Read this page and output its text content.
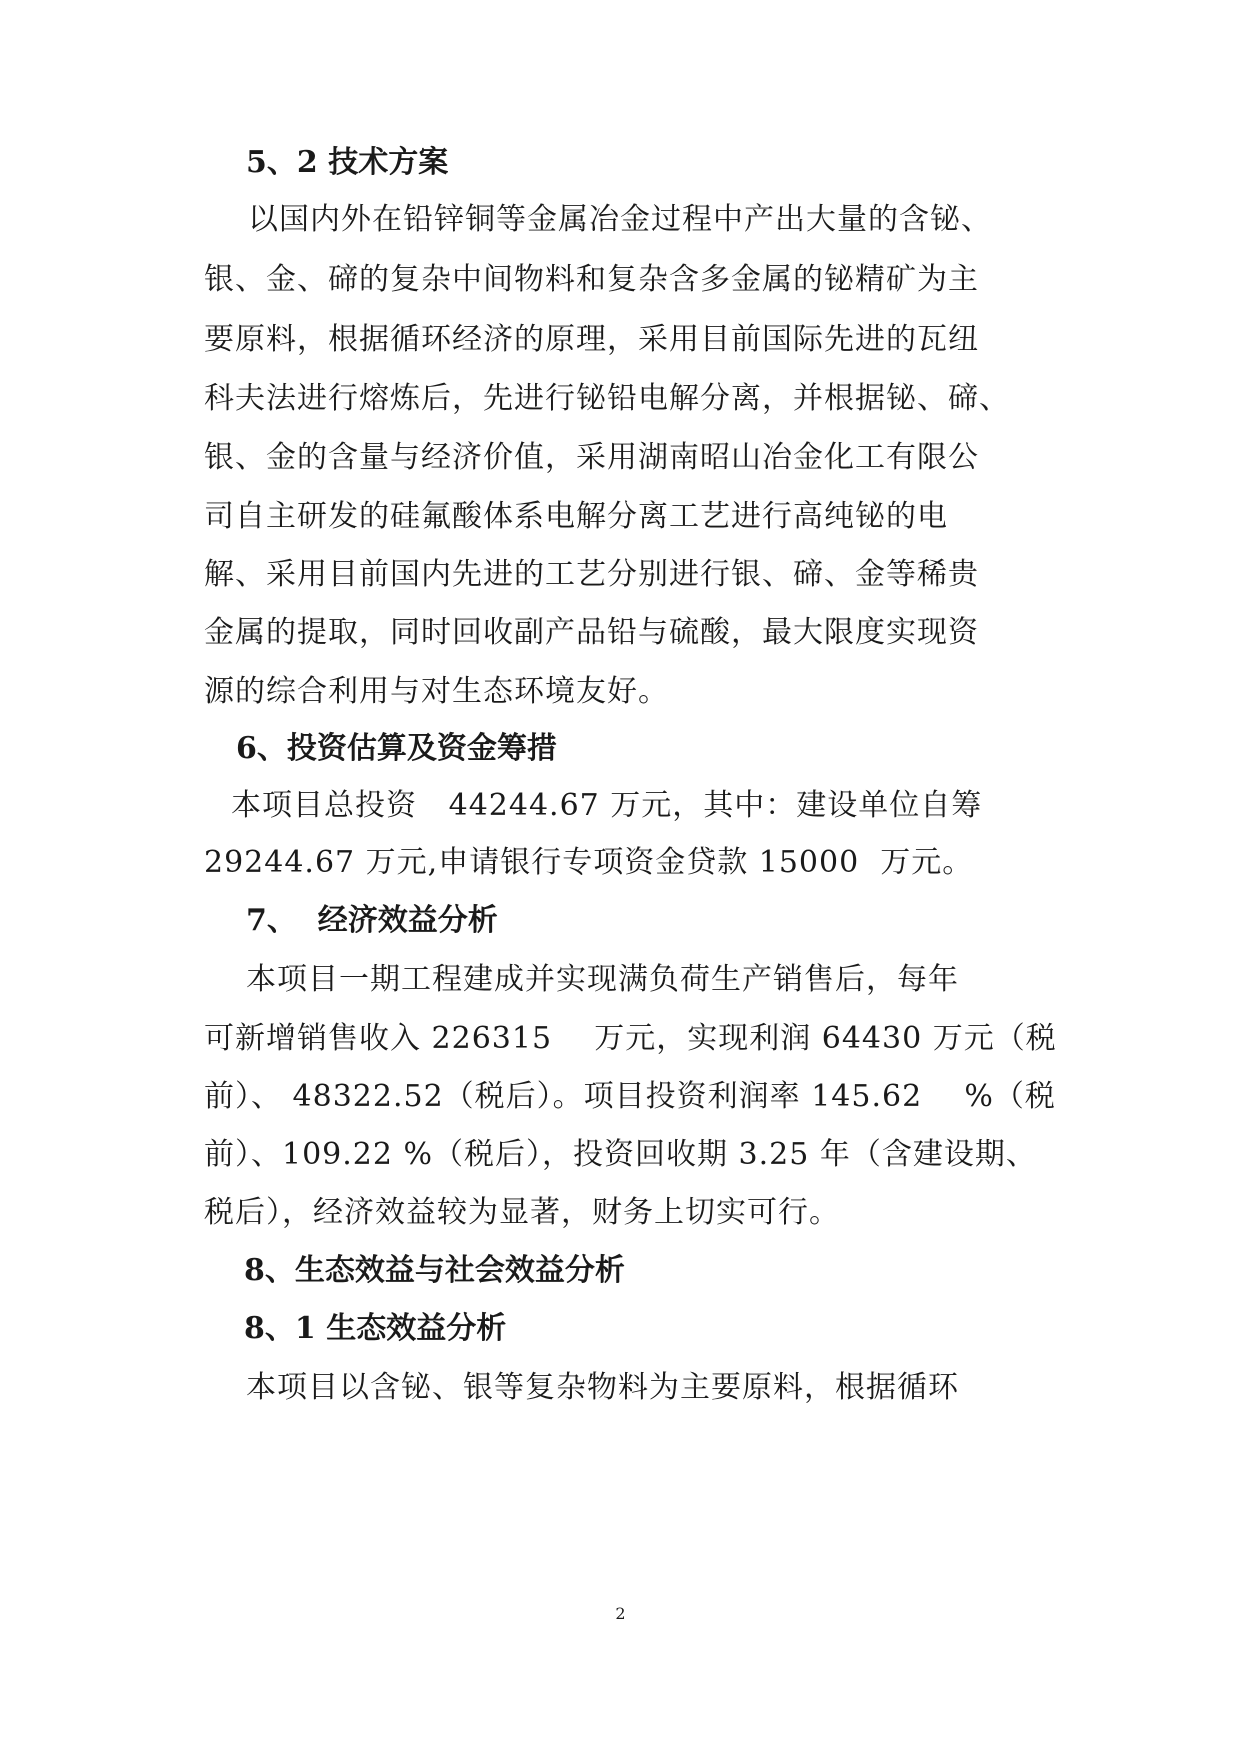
5、2 技术方案
以国内外在铅锌铜等金属冶金过程中产出大量的含铋、
银、金、碲的复杂中间物料和复杂含多金属的铋精矿为主
要原料，根据循环经济的原理，采用目前国际先进的瓦纽
科夫法进行熔炼后，先进行铋铅电解分离，并根据铋、碲、
银、金的含量与经济价值，采用湖南昭山冶金化工有限公
司自主研发的硅氟酸体系电解分离工艺进行高纯铋的电
解、采用目前国内先进的工艺分别进行银、碲、金等稀贵
金属的提取，同时回收副产品铅与硫酸，最大限度实现资
源的综合利用与对生态环境友好。
6、投资估算及资金筹措
本项目总投资   44244.67 万元，其中：建设单位自筹
29244.67 万元,申请银行专项资金贷款 15000  万元。
7、  经济效益分析
本项目一期工程建成并实现满负荷生产销售后，每年
可新增销售收入 226315    万元，实现利润 64430 万元（税
前）、 48322.52（税后）。项目投资利润率 145.62    %（税
前）、109.22 %（税后），投资回收期 3.25 年（含建设期、
税后），经济效益较为显著，财务上切实可行。
8、生态效益与社会效益分析
8、1 生态效益分析
本项目以含铋、银等复杂物料为主要原料，根据循环
2
